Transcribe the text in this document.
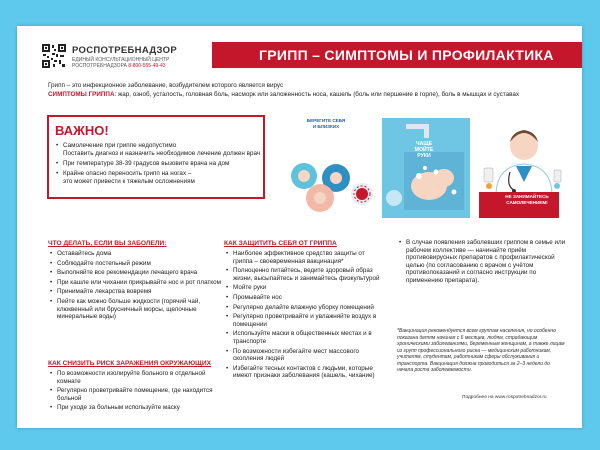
РОСПОТРЕБНАДЗОР
ЕДИНЫЙ КОНСУЛЬТАЦИОННЫЙ ЦЕНТР
РОСПОТРЕБНАДЗОРА 8-800-555-49-43
ГРИПП – СИМПТОМЫ И ПРОФИЛАКТИКА
Грипп – это инфекционное заболевание, возбудителем которого является вирус
СИМПТОМЫ ГРИППА: жар, озноб, усталость, головная боль, насморк или заложенность носа, кашель (боль или першение в горле), боль в мышцах и суставах
ВАЖНО!
• Самолечение при гриппе недопустимо
Поставить диагноз и назначить необходимое лечение должен врач
• При температуре 38-39 градусов вызовите врача на дом
• Крайне опасно переносить грипп на ногах –
это может привести к тяжелым осложнениям
БЕРЕГИТЕ СЕБЯ И БЛИЗКИХ
ЧАЩЕ МОЙТЕ РУКИ
НЕ ЗАНИМАЙТЕСЬ САМОЛЕЧЕНИЕМ!
ЧТО ДЕЛАТЬ, ЕСЛИ ВЫ ЗАБОЛЕЛИ:
• Оставайтесь дома
• Соблюдайте постельный режим
• Выполняйте все рекомендации лечащего врача
• При кашле или чихании прикрывайте нос и рот платком
• Принимайте лекарства вовремя
• Пейте как можно больше жидкости (горячий чай, клюквенный или брусничный морсы, щелочные минеральные воды)
КАК СНИЗИТЬ РИСК ЗАРАЖЕНИЯ ОКРУЖАЮЩИХ
• По возможности изолируйте больного в отдельной комнате
• Регулярно проветривайте помещение, где находится больной
• При уходе за больным используйте маску
КАК ЗАЩИТИТЬ СЕБЯ ОТ ГРИППА
• Наиболее эффективное средство защиты от гриппа – своевременная вакцинация*
• Полноценно питайтесь, ведите здоровый образ жизни, высыпайтесь и занимайтесь физкультурой
• Мойте руки
• Промывайте нос
• Регулярно делайте влажную уборку помещений
• Регулярно проветривайте и увлажняйте воздух в помещении
• Используйте маски в общественных местах и в транспорте
• По возможности избегайте мест массового скопления людей
• Избегайте тесных контактов с людьми, которые имеют признаки заболевания (кашель, чихание)
• В случае появления заболевших гриппом в семье или рабочем коллективе — начинайте приём противовирусных препаратов с профилактической целью (по согласованию с врачом с учётом противопоказаний и согласно инструкции по применению препарата).
*Вакцинация рекомендуется всем группам населения, но особенно показана детям начиная с 6 месяцев, людям, страдающим хроническими заболеваниями, беременным женщинам, а также лицам из групп профессионального риска — медицинским работникам, учителям, студентам, работникам сферы обслуживания и транспорта. Вакцинация должна проводиться за 2–3 недели до начала роста заболеваемости.
Подробнее на www.rospotrebnadzor.ru
